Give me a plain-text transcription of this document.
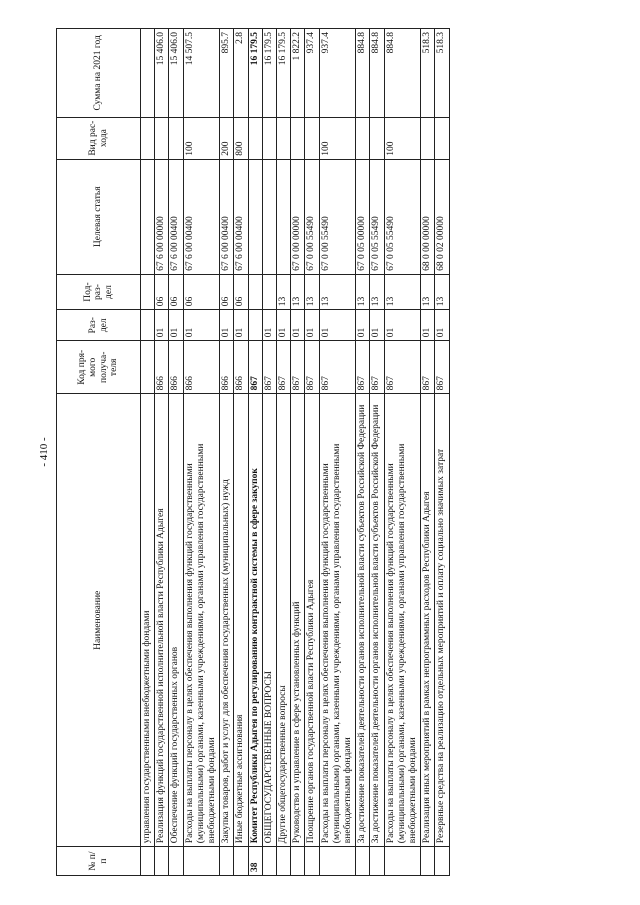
- 410 -
№ п/п	Наименование	Код пря- мого получа- теля	Раз- дел	Под- раз- дел	Целевая статья	Вид рас- хода	Сумма на 2021 год
	управления государственными внебюджетными фондами						
	Реализация функций государственной исполнительной власти Республики Адыгея	866	01	06	67 6 00 00000		15 406.0
	Обеспечение функций государственных органов	866	01	06	67 6 00 00400		15 406.0
	Расходы на выплаты персоналу в целях обеспечения выполнения функций государственными (муниципальными) органами, казенными учреждениями, органами управления государственными внебюджетными фондами	866	01	06	67 6 00 00400	100	14 507.5
	Закупка товаров, работ и услуг для обеспечения государственных (муниципальных) нужд	866	01	06	67 6 00 00400	200	895.7
	Иные бюджетные ассигнования	866	01	06	67 6 00 00400	800	2.8
38	Комитет Республики Адыгея по регулированию контрактной системы в сфере закупок	867					16 179.5
	ОБЩЕГОСУДАРСТВЕННЫЕ ВОПРОСЫ	867	01				16 179.5
	Другие общегосударственные вопросы	867	01	13			16 179.5
	Руководство и управление в сфере установленных функций	867	01	13	67 0 00 00000		1 822.2
	Поощрение органов государственной власти Республики Адыгея	867	01	13	67 0 00 55490		937.4
	Расходы на выплаты персоналу в целях обеспечения выполнения функций государственными (муниципальными) органами, казенными учреждениями, органами управления государственными внебюджетными фондами	867	01	13	67 0 00 55490	100	937.4
	За достижение показателей деятельности органов исполнительной власти субъектов Российской Федерации	867	01	13	67 0 05 00000		884.8
	За достижение показателей деятельности органов исполнительной власти субъектов Российской Федерации	867	01	13	67 0 05 55490		884.8
	Расходы на выплаты персоналу в целях обеспечения выполнения функций государственными (муниципальными) органами, казенными учреждениями, органами управления государственными внебюджетными фондами	867	01	13	67 0 05 55490	100	884.8
	Реализация иных мероприятий в рамках непрограммных расходов Республики Адыгея	867	01	13	68 0 00 00000		518.3
	Резервные средства на реализацию отдельных мероприятий и оплату социально значимых затрат	867	01	13	68 0 02 00000		518.3
